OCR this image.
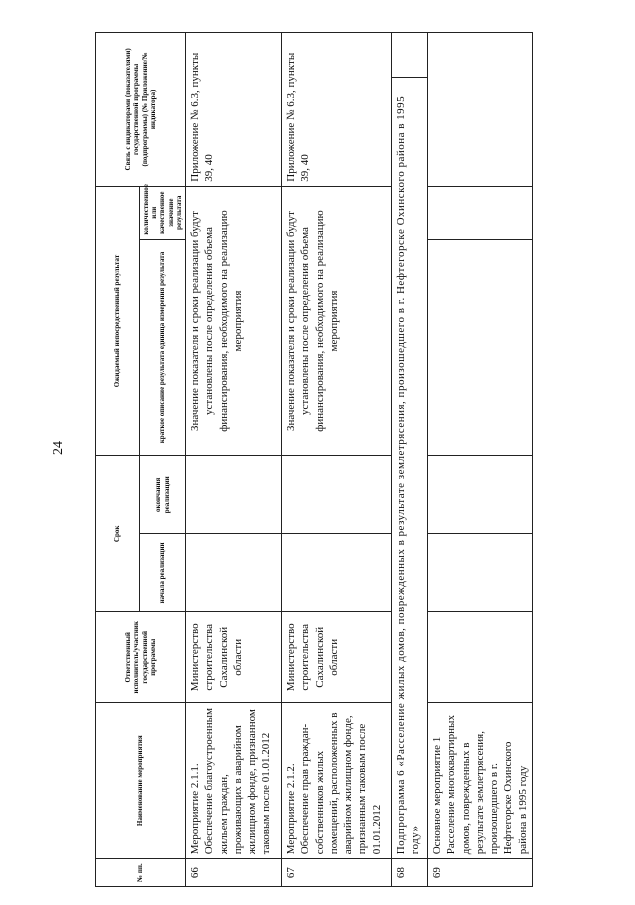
24
№ пп.	Наименование мероприятия	Ответственный исполнитель/участник государственной программы	Срок		Ожидаемый непосредственный результат		Связь с индикаторами (показателями) государственной программы (подпрограммы) (№ Приложение/№ индикатора)	
			начала реализации	окончания реализации	краткое описание результата единица измерения результата	количественное или качественное значение результата		
66	Мероприятие 2.1.1. Обеспечение благоустроенным жильем граждан, проживающих в аварийном жилищном фонде, признанном таковым после 01.01.2012	Министерство строительства Сахалинской области			Значение показателя и сроки реализации будут установлены после определения объема финансирования, необходимого на реализацию мероприятия		Приложение № 6.3, пункты 39, 40	
67	Мероприятие 2.1.2. Обеспечение прав граждан-собственников жилых помещений, расположенных в аварийном жилищном фонде, признанным таковым после 01.01.2012	Министерство строительства Сахалинской области			Значение показателя и сроки реализации будут установлены после определения объема финансирования, необходимого на реализацию мероприятия		Приложение № 6.3, пункты 39, 40	
68	Подпрограмма 6 «Расселение жилых домов, поврежденных в результате землетрясения, произошедшего в г. Нефтегорске Охинского района в 1995 году»							
69	Основное мероприятие 1 Расселение многоквартирных домов, поврежденных в результате землетрясения, произошедшего в г. Нефтегорске Охинского района в 1995 году							
